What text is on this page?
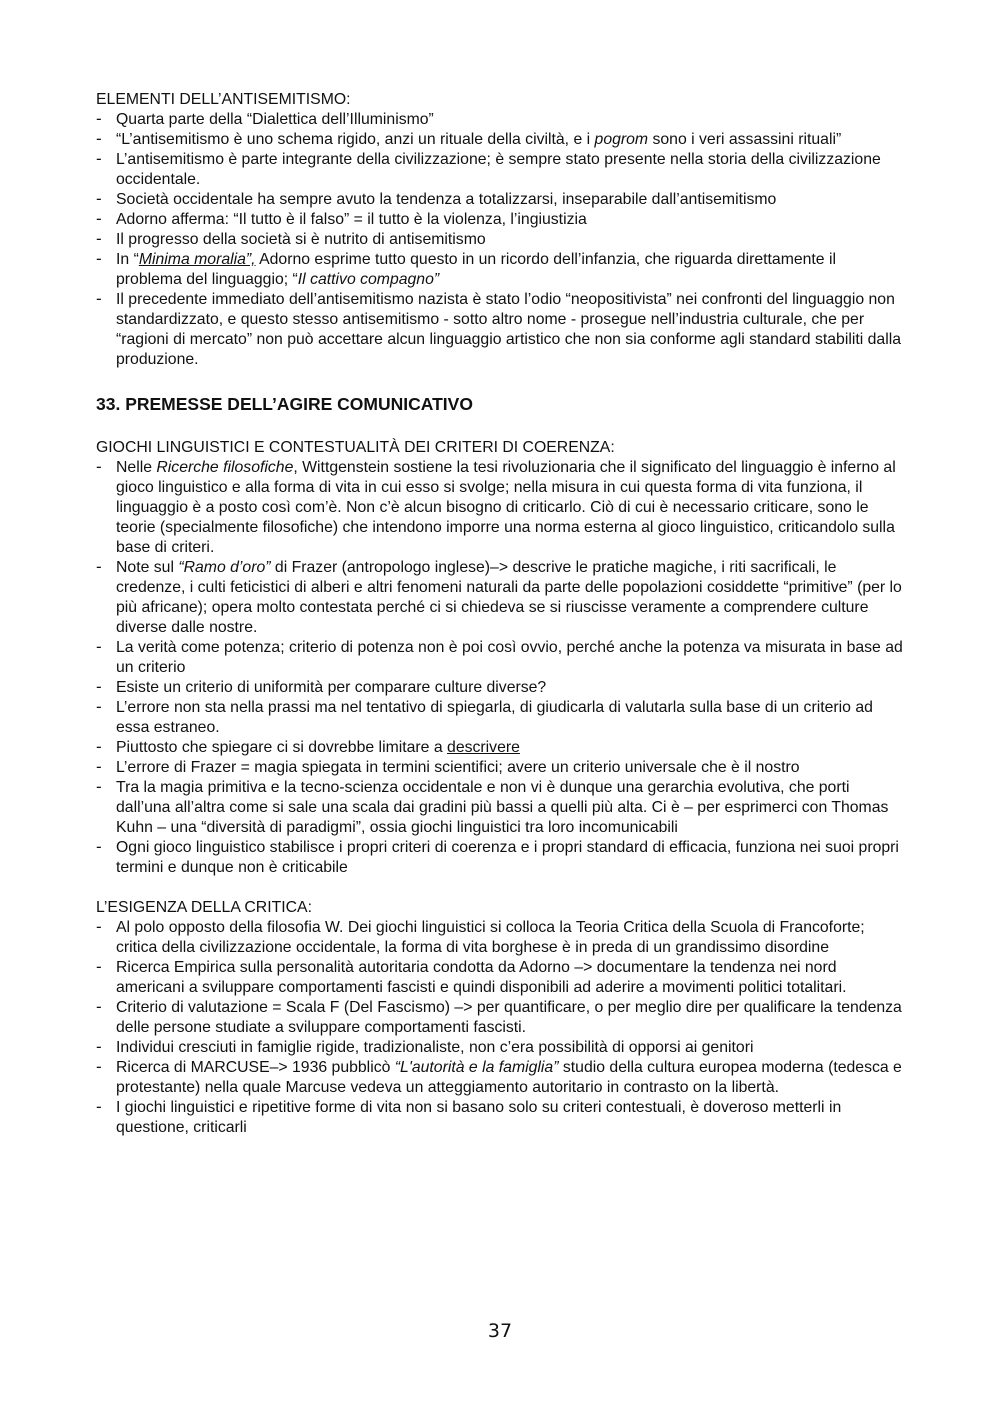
ELEMENTI DELL’ANTISEMITISMO:
- Quarta parte della “Dialettica dell’Illuminismo”
- “L’antisemitismo è uno schema rigido, anzi un rituale della civiltà, e i pogrom sono i veri assassini rituali”
- L’antisemitismo è parte integrante della civilizzazione; è sempre stato presente nella storia della civilizzazione occidentale.
- Società occidentale ha sempre avuto la tendenza a totalizzarsi, inseparabile dall’antisemitismo
- Adorno afferma: “Il tutto è il falso” = il tutto è la violenza, l’ingiustizia
- Il progresso della società si è nutrito di antisemitismo
- In “Minima moralia”, Adorno esprime tutto questo in un ricordo dell’infanzia, che riguarda direttamente il problema del linguaggio; “Il cattivo compagno”
- Il precedente immediato dell’antisemitismo nazista è stato l’odio “neopositivista” nei confronti del linguaggio non standardizzato, e questo stesso antisemitismo - sotto altro nome - prosegue nell’industria culturale, che per “ragioni di mercato” non può accettare alcun linguaggio artistico che non sia conforme agli standard stabiliti dalla produzione.
33. PREMESSE DELL’AGIRE COMUNICATIVO
GIOCHI LINGUISTICI E CONTESTUALITÀ DEI CRITERI DI COERENZA:
- Nelle Ricerche filosofiche, Wittgenstein sostiene la tesi rivoluzionaria che il significato del linguaggio è inferno al gioco linguistico e alla forma di vita in cui esso si svolge; nella misura in cui questa forma di vita funziona, il linguaggio è a posto così com’è. Non c’è alcun bisogno di criticarlo. Ciò di cui è necessario criticare, sono le teorie (specialmente filosofiche) che intendono imporre una norma esterna al gioco linguistico, criticandolo sulla base di criteri.
- Note sul “Ramo d’oro” di Frazer (antropologo inglese)–> descrive le pratiche magiche, i riti sacrificali, le credenze, i culti feticistici di alberi e altri fenomeni naturali da parte delle popolazioni cosiddette “primitive” (per lo più africane); opera molto contestata perché ci si chiedeva se si riuscisse veramente a comprendere culture diverse dalle nostre.
- La verità come potenza; criterio di potenza non è poi così ovvio, perché anche la potenza va misurata in base ad un criterio
- Esiste un criterio di uniformità per comparare culture diverse?
- L’errore non sta nella prassi ma nel tentativo di spiegarla, di giudicarla di valutarla sulla base di un criterio ad essa estraneo.
- Piuttosto che spiegare ci si dovrebbe limitare a descrivere
- L’errore di Frazer = magia spiegata in termini scientifici; avere un criterio universale che è il nostro
- Tra la magia primitiva e la tecno-scienza occidentale e non vi è dunque una gerarchia evolutiva, che porti dall’una all’altra come si sale una scala dai gradini più bassi a quelli più alta. Ci è – per esprimerci con Thomas Kuhn – una “diversità di paradigmi”, ossia giochi linguistici tra loro incomunicabili
- Ogni gioco linguistico stabilisce i propri criteri di coerenza e i propri standard di efficacia, funziona nei suoi propri termini e dunque non è criticabile
L’ESIGENZA DELLA CRITICA:
- Al polo opposto della filosofia W. Dei giochi linguistici si colloca la Teoria Critica della Scuola di Francoforte; critica della civilizzazione occidentale, la forma di vita borghese è in preda di un grandissimo disordine
- Ricerca Empirica sulla personalità autoritaria condotta da Adorno –> documentare la tendenza nei nord americani a sviluppare comportamenti fascisti e quindi disponibili ad aderire a movimenti politici totalitari.
- Criterio di valutazione = Scala F (Del Fascismo) –> per quantificare, o per meglio dire per qualificare la tendenza delle persone studiate a sviluppare comportamenti fascisti.
- Individui cresciuti in famiglie rigide, tradizionaliste, non c’era possibilità di opporsi ai genitori
- Ricerca di MARCUSE–> 1936 pubblicò “L'autorità e la famiglia” studio della cultura europea moderna (tedesca e protestante) nella quale Marcuse vedeva un atteggiamento autoritario in contrasto on la libertà.
- I giochi linguistici e ripetitive forme di vita non si basano solo su criteri contestuali, è doveroso metterli in questione, criticarli
37
